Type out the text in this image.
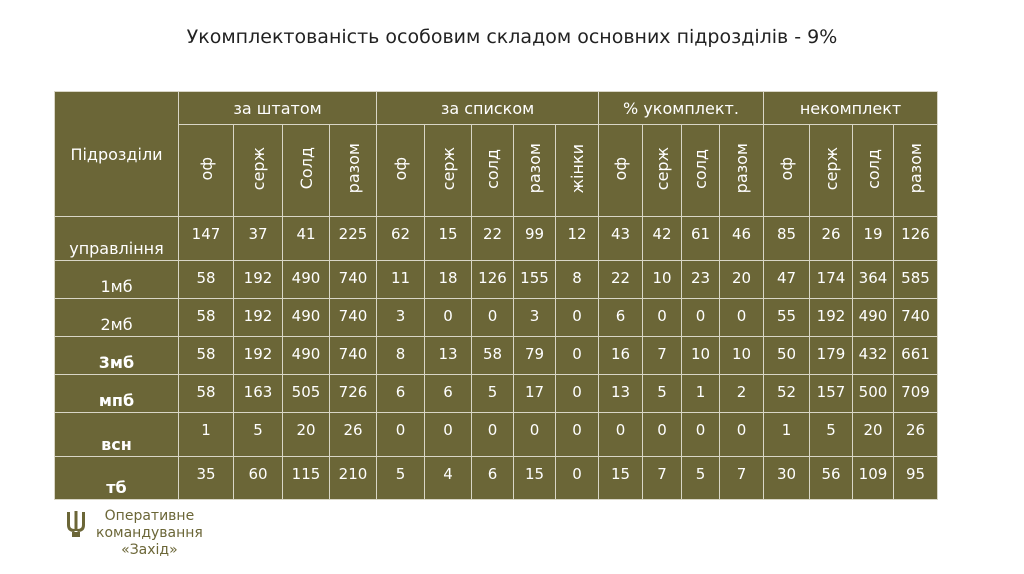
Укомплектованість особовим складом основних підрозділів - 9%
Підрозділи	за штатом				за списком					% укомплект.				некомплект			
	оф	серж	Солд	разом	оф	серж	солд	разом	жінки	оф	серж	солд	разом	оф	серж	солд	разом
управління	147	37	41	225	62	15	22	99	12	43	42	61	46	85	26	19	126
1мб	58	192	490	740	11	18	126	155	8	22	10	23	20	47	174	364	585
2мб	58	192	490	740	3	0	0	3	0	6	0	0	0	55	192	490	740
3мб	58	192	490	740	8	13	58	79	0	16	7	10	10	50	179	432	661
мпб	58	163	505	726	6	6	5	17	0	13	5	1	2	52	157	500	709
всн	1	5	20	26	0	0	0	0	0	0	0	0	0	1	5	20	26
тб	35	60	115	210	5	4	6	15	0	15	7	5	7	30	56	109	95
Оперативне
командування
«Захід»
